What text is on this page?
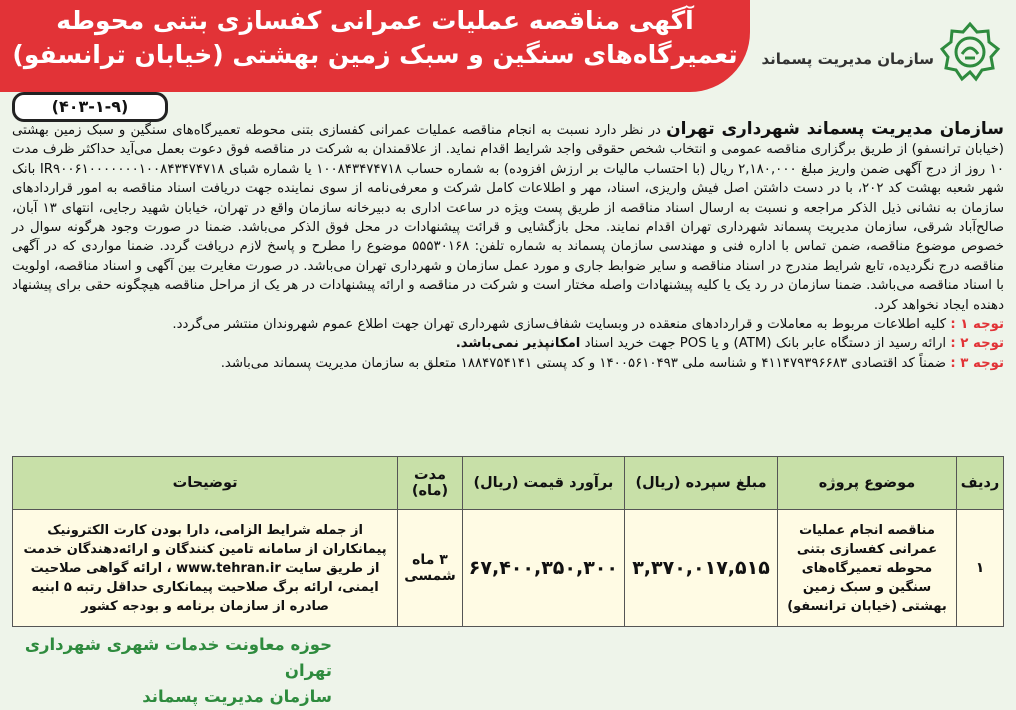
آگهی مناقصه عملیات عمرانی کفسازی بتنی محوطه
تعمیرگاه‌های سنگین و سبک زمین بهشتی (خیابان ترانسفو)
(۴۰۳-۱-۹)
سازمان مدیریت پسماند
سازمان مدیریت پسماند شهرداری تهران در نظر دارد نسبت به انجام مناقصه عملیات عمرانی کفسازی بتنی محوطه تعمیرگاه‌های سنگین و سبک زمین بهشتی (خیابان ترانسفو) از طریق برگزاری مناقصه عمومی و انتخاب شخص حقوقی واجد شرایط اقدام نماید. از علاقمندان به شرکت در مناقصه فوق دعوت بعمل می‌آید حداکثر ظرف مدت ۱۰ روز از درج آگهی ضمن واریز مبلغ ۲,۱۸۰,۰۰۰ ریال (با احتساب مالیات بر ارزش افزوده) به شماره حساب ۱۰۰۸۴۳۴۷۴۷۱۸ یا شماره شبای IR۹۰۰۶۱۰۰۰۰۰۰۰۱۰۰۸۴۳۴۷۴۷۱۸ بانک شهر شعبه بهشت کد ۲۰۲، با در دست داشتن اصل فیش واریزی، اسناد، مهر و اطلاعات کامل شرکت و معرفی‌نامه از سوی نماینده جهت دریافت اسناد مناقصه به امور قراردادهای سازمان به نشانی ذیل الذکر مراجعه و نسبت به ارسال اسناد مناقصه از طریق پست ویژه در ساعت اداری به دبیرخانه سازمان واقع در تهران، خیابان شهید رجایی، انتهای ۱۳ آبان، صالح‌آباد شرقی، سازمان مدیریت پسماند شهرداری تهران اقدام نمایند. محل بازگشایی و قرائت پیشنهادات در محل فوق الذکر می‌باشد. ضمنا در صورت وجود هرگونه سوال در خصوص موضوع مناقصه، ضمن تماس با اداره فنی و مهندسی سازمان پسماند به شماره تلفن: ۵۵۵۳۰۱۶۸ موضوع را مطرح و پاسخ لازم دریافت گردد. ضمنا مواردی که در آگهی مناقصه درج نگردیده، تابع شرایط مندرج در اسناد مناقصه و سایر ضوابط جاری و مورد عمل سازمان و شهرداری تهران می‌باشد. در صورت مغایرت بین آگهی و اسناد مناقصه، اولویت با اسناد مناقصه می‌باشد. ضمنا سازمان در رد یک یا کلیه پیشنهادات واصله مختار است و شرکت در مناقصه و ارائه پیشنهادات در هر یک از مراحل مناقصه هیچگونه حقی برای پیشنهاد دهنده ایجاد نخواهد کرد.
توجه ۱ : کلیه اطلاعات مربوط به معاملات و قراردادهای منعقده در وبسایت شفاف‌سازی شهرداری تهران جهت اطلاع عموم شهروندان منتشر می‌گردد.
توجه ۲ : ارائه رسید از دستگاه عابر بانک (ATM) و یا POS جهت خرید اسناد امکانپذیر نمی‌باشد.
توجه ۳ : ضمناً کد اقتصادی ۴۱۱۴۷۹۳۹۶۶۸۳ و شناسه ملی ۱۴۰۰۵۶۱۰۴۹۳ و کد پستی ۱۸۸۴۷۵۴۱۴۱ متعلق به سازمان مدیریت پسماند می‌باشد.
ردیف	موضوع پروژه	مبلغ سپرده (ریال)	برآورد قیمت (ریال)	مدت (ماه)	توضیحات
۱	مناقصه انجام عملیات عمرانی کفسازی بتنی محوطه تعمیرگاه‌های سنگین و سبک زمین بهشتی (خیابان ترانسفو)	۳,۳۷۰,۰۱۷,۵۱۵	۶۷,۴۰۰,۳۵۰,۳۰۰	۳ ماه شمسی	از جمله شرایط الزامی، دارا بودن کارت الکترونیک پیمانکاران از سامانه تامین کنندگان و ارائه‌دهندگان خدمت از طریق سایت www.tehran.ir ، ارائه گواهی صلاحیت ایمنی، ارائه برگ صلاحیت پیمانکاری حداقل رتبه ۵ ابنیه صادره از سازمان برنامه و بودجه کشور
حوزه معاونت خدمات شهری شهرداری تهران
سازمان مدیریت پسماند
